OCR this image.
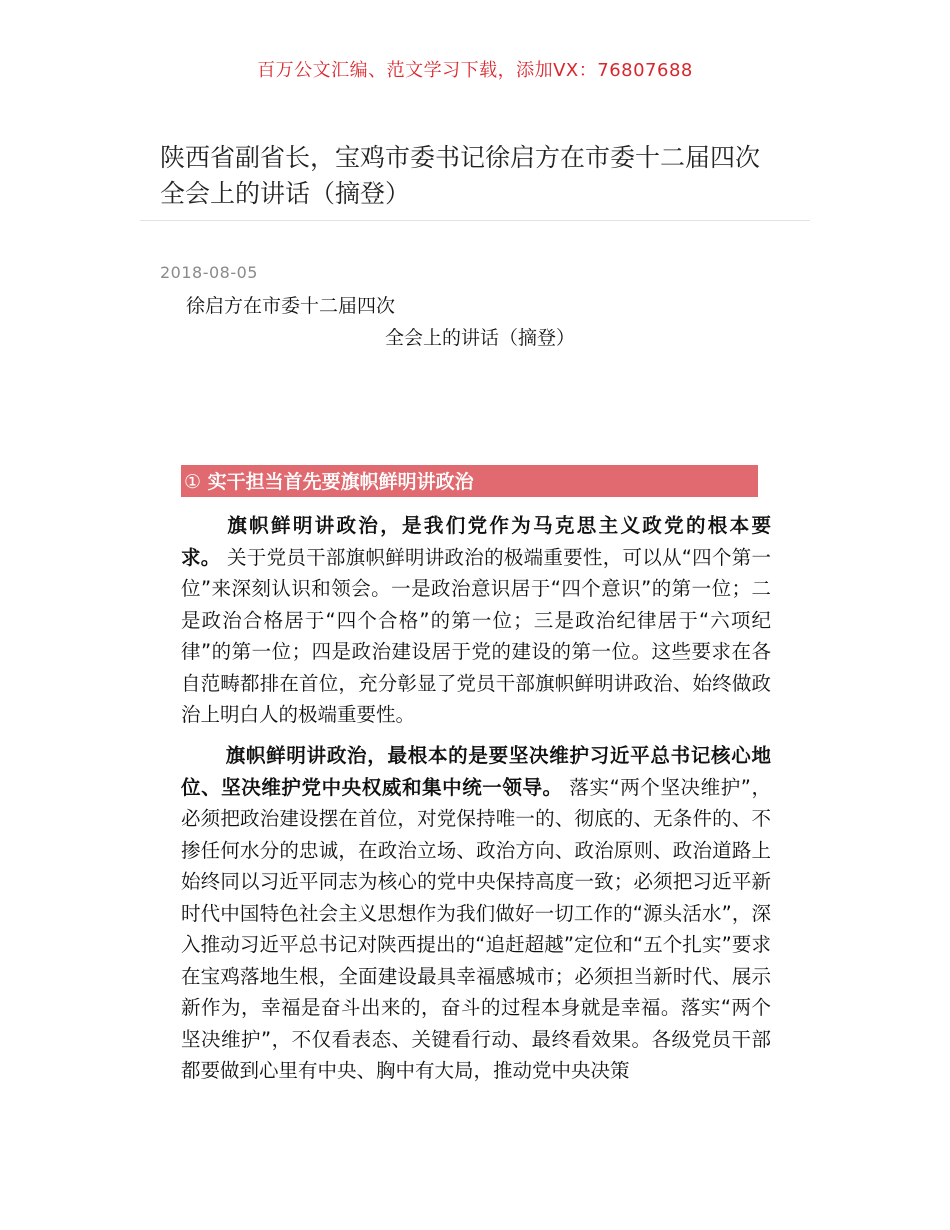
百万公文汇编、范文学习下载，添加VX：76807688
陕西省副省长，宝鸡市委书记徐启方在市委十二届四次
全会上的讲话（摘登）
2018-08-05
徐启方在市委十二届四次
全会上的讲话（摘登）
① 实干担当首先要旗帜鲜明讲政治
旗帜鲜明讲政治，是我们党作为马克思主义政党的根本要求。 关于党员干部旗帜鲜明讲政治的极端重要性，可以从“四个第一位”来深刻认识和领会。一是政治意识居于“四个意识”的第一位；二是政治合格居于“四个合格”的第一位；三是政治纪律居于“六项纪律”的第一位；四是政治建设居于党的建设的第一位。这些要求在各自范畴都排在首位，充分彰显了党员干部旗帜鲜明讲政治、始终做政治上明白人的极端重要性。
旗帜鲜明讲政治，最根本的是要坚决维护习近平总书记核心地位、坚决维护党中央权威和集中统一领导。 落实“两个坚决维护”，必须把政治建设摆在首位，对党保持唯一的、彻底的、无条件的、不掺任何水分的忠诚，在政治立场、政治方向、政治原则、政治道路上始终同以习近平同志为核心的党中央保持高度一致；必须把习近平新时代中国特色社会主义思想作为我们做好一切工作的“源头活水”，深入推动习近平总书记对陕西提出的“追赶超越”定位和“五个扎实”要求在宝鸡落地生根，全面建设最具幸福感城市；必须担当新时代、展示新作为，幸福是奋斗出来的，奋斗的过程本身就是幸福。落实“两个坚决维护”，不仅看表态、关键看行动、最终看效果。各级党员干部都要做到心里有中央、胸中有大局，推动党中央决策
